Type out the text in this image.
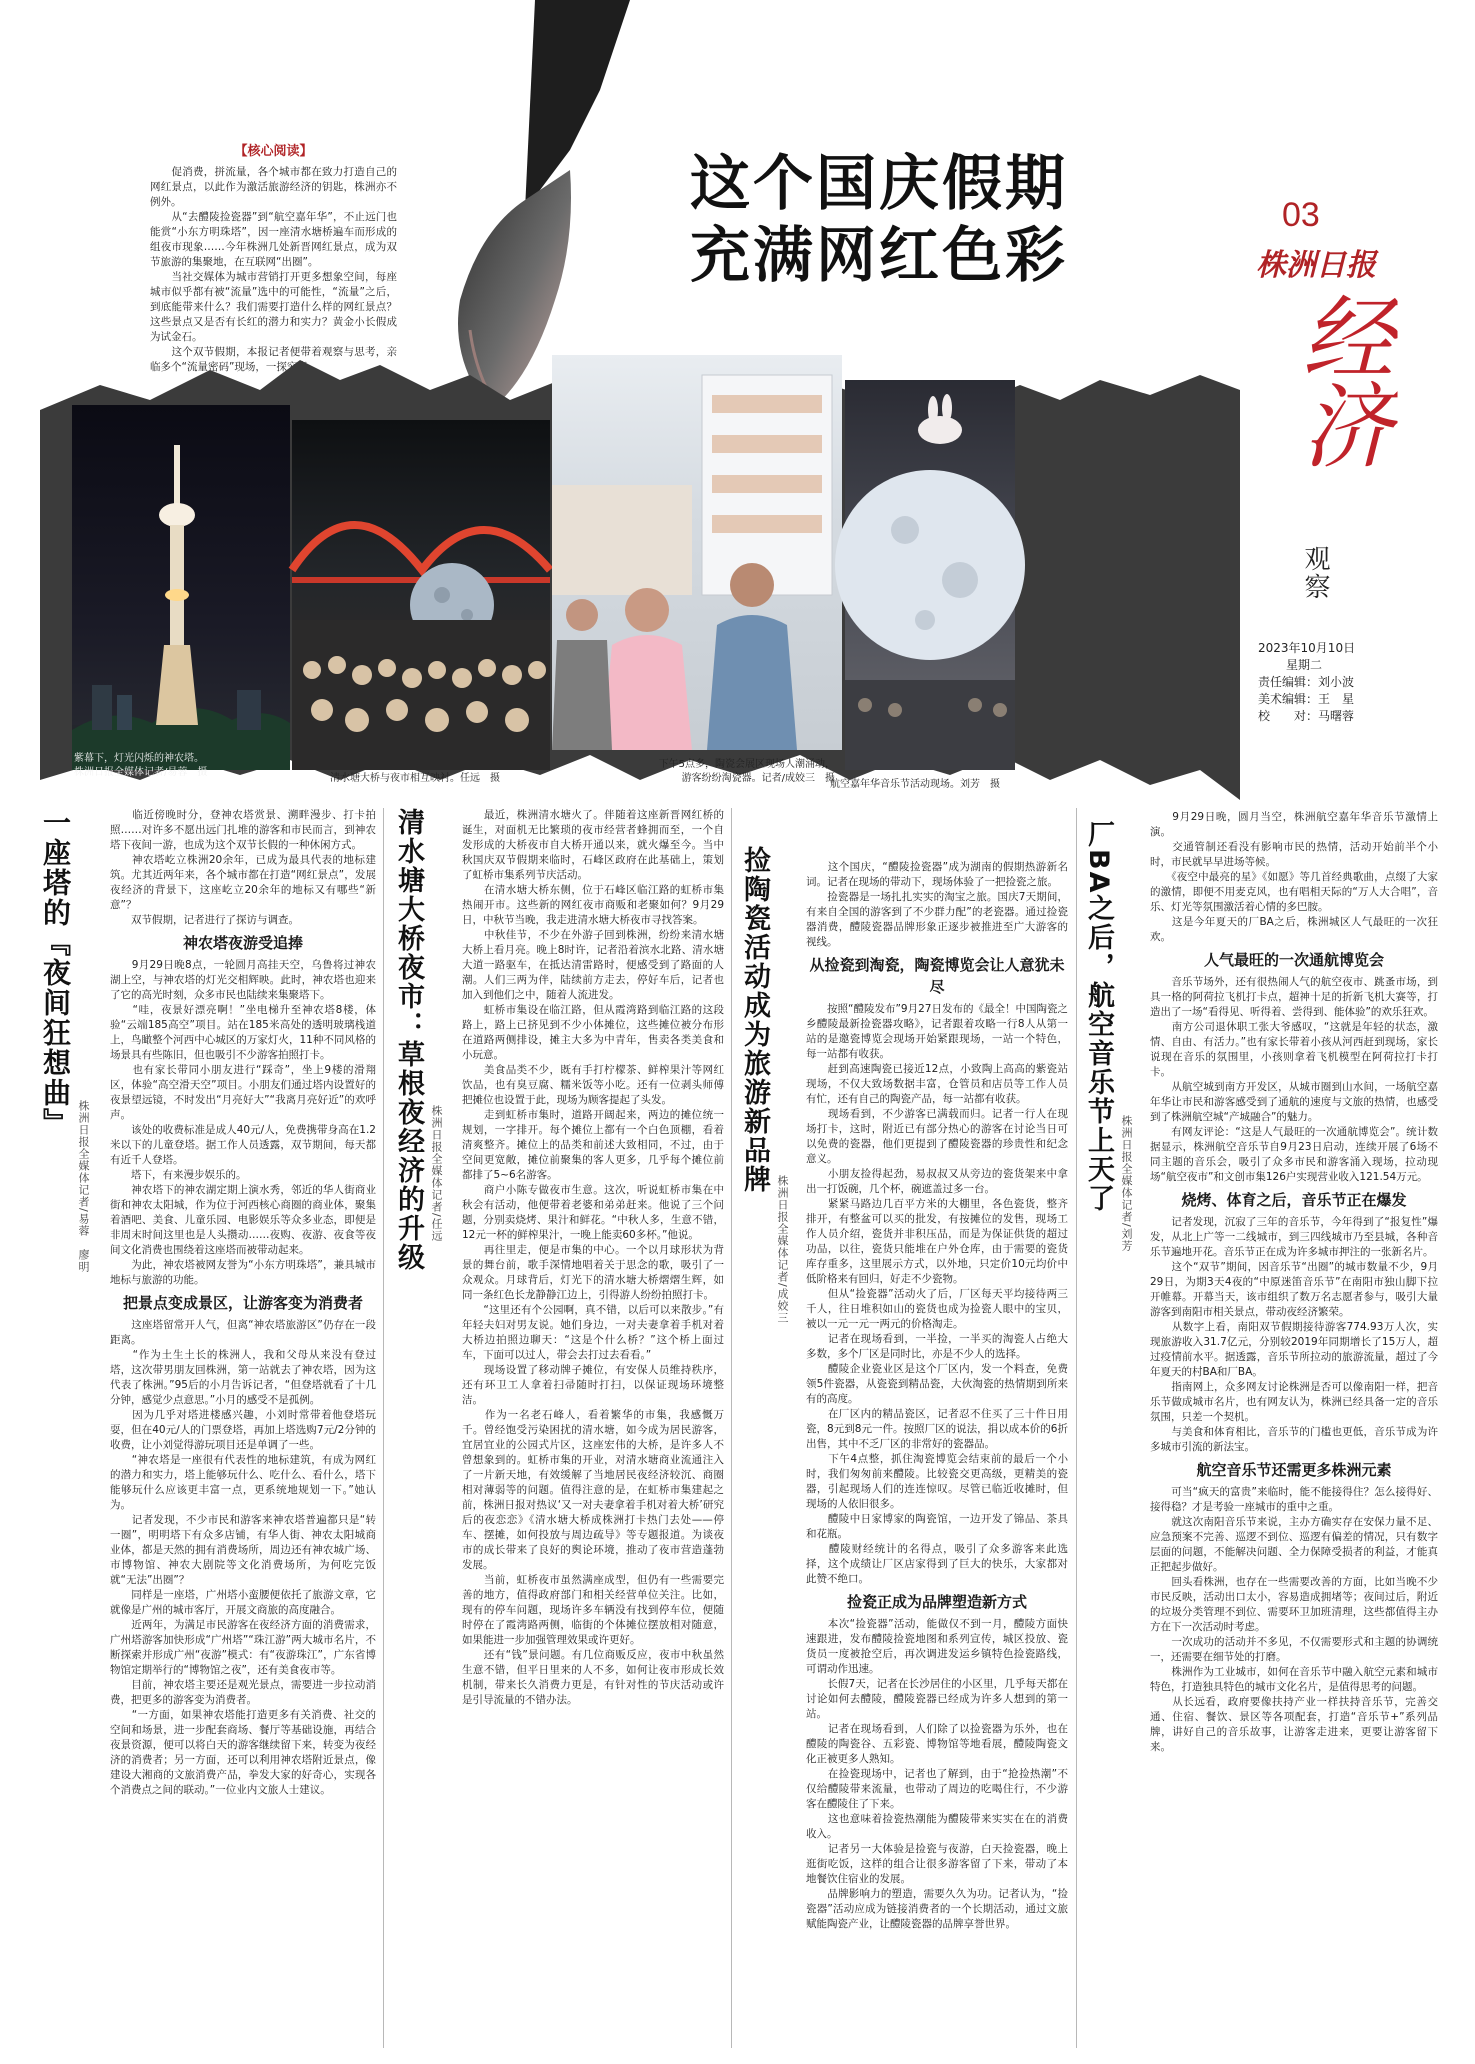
【核心阅读】
　　促消费，拼流量，各个城市都在致力打造自己的网红景点，以此作为激活旅游经济的钥匙，株洲亦不例外。
　　从“去醴陵捡瓷器”到“航空嘉年华”，不止远门也能赏“小东方明珠塔”，因一座清水塘桥遍车而形成的组夜市现象……今年株洲几处新晋网红景点，成为双节旅游的集聚地，在互联网“出圈”。
　　当社交媒体为城市营销打开更多想象空间，每座城市似乎都有被“流量”选中的可能性，“流量”之后，到底能带来什么？我们需要打造什么样的网红景点？这些景点又是否有长红的潜力和实力？黄金小长假成为试金石。
　　这个双节假期，本报记者便带着观察与思考，亲临多个“流量密码”现场，一探究竟。
这个国庆假期
充满网红色彩
03
株洲日报
经济
观察
2023年10月10日
星期二
责任编辑：刘小波
美术编辑：王　星
校　　对：马曙蓉
紫幕下，灯光闪烁的神农塔。
株洲日报全媒体记者/易蓉　摄
清水塘大桥与夜市相互映衬。任远　摄
下午5点多，陶瓷会展区现场人潮涌动，
游客纷纷淘瓷器。记者/成姣三　摄
航空嘉年华音乐节活动现场。刘芳　摄
一座塔的『夜间狂想曲』
株洲日报全媒体记者/易蓉　廖明
　　临近傍晚时分，登神农塔赏景、溯畔漫步、打卡拍照……对许多不愿出远门扎堆的游客和市民而言，到神农塔下夜间一游，也成为这个双节长假的一种休闲方式。
　　神农塔屹立株洲20余年，已成为最具代表的地标建筑。尤其近两年来，各个城市都在打造“网红景点”，发展夜经济的背景下，这座屹立20余年的地标又有哪些“新意”？
　　双节假期，记者进行了探访与调查。
神农塔夜游受追捧
　　9月29日晚8点，一轮圆月高挂天空，乌鲁将过神农湖上空，与神农塔的灯光交相辉映。此时，神农塔也迎来了它的高光时刻，众多市民也陆续来集聚塔下。
　　“哇，夜景好漂亮啊！”坐电梯升至神农塔8楼，体验“云端185高空”项目。站在185米高处的透明玻璃栈道上，鸟瞰整个河西中心城区的万家灯火，11种不同风格的场景具有些陈旧，但也吸引不少游客拍照打卡。
　　也有家长带同小朋友进行“踩奇”，坐上9楼的滑翔区，体验“高空滑天空”项目。小朋友们通过塔内设置好的夜景望远镜，不时发出“月亮好大”“我离月亮好近”的欢呼声。
　　该处的收费标准是成人40元/人，免费携带身高在1.2米以下的儿童登塔。据工作人员透露，双节期间，每天都有近千人登塔。
　　塔下，有来漫步娱乐的。
　　神农塔下的神农湖定期上演水秀，邻近的华人街商业街和神农太阳城，作为位于河西核心商圈的商业体，聚集着酒吧、美食、儿童乐园、电影娱乐等众多业态，即便是非周末时间这里也是人头攒动……夜购、夜游、夜食等夜间文化消费也围绕着这座塔而被带动起来。
　　为此，神农塔被网友誉为“小东方明珠塔”，兼具城市地标与旅游的功能。
把景点变成景区，让游客变为消费者
　　这座塔留常开人气，但离“神农塔旅游区”仍存在一段距离。
　　“作为土生土长的株洲人，我和父母从来没有登过塔，这次带男朋友回株洲，第一站就去了神农塔，因为这代表了株洲。”95后的小月告诉记者，“但登塔就看了十几分钟，感觉少点意思。”小月的感受不是孤例。
　　因为几乎对塔进楼感兴趣，小刘时常带着他登塔玩耍，但在40元/人的门票登塔，再加上塔选购7元/2分钟的收费，让小刘觉得游玩项目还是单调了一些。
　　“神农塔是一座很有代表性的地标建筑，有成为网红的潜力和实力，塔上能够玩什么、吃什么、看什么，塔下能够玩什么应该更丰富一点，更系统地规划一下。”她认为。
　　记者发现，不少市民和游客来神农塔普遍都只是“转一圈”，明明塔下有众多店铺，有华人街、神农太阳城商业体，都是天然的拥有消费场所，周边还有神农城广场、市博物馆、神农大剧院等文化消费场所，为何吃完饭就“无法”出圈”？
　　同样是一座塔，广州塔小蛮腰便依托了旅游文章，它就像是广州的城市客厅，开展文商旅的高度融合。
　　近两年，为满足市民游客在夜经济方面的消费需求，广州塔游客加快形成“广州塔”“珠江游”两大城市名片，不断探索并形成广州“夜游”模式：有“夜游珠江”，广东省博物馆定期举行的“博物馆之夜”，还有美食夜市等。
　　目前，神农塔主要还是观光景点，需要进一步拉动消费，把更多的游客变为消费者。
　　“一方面，如果神农塔能打造更多有关消费、社交的空间和场景，进一步配套商场、餐厅等基础设施，再结合夜景资源，便可以将白天的游客继续留下来，转变为夜经济的消费者；另一方面，还可以利用神农塔附近景点，像建设大湘商的文旅消费产品，拳发大家的好奇心，实现各个消费点之间的联动。”一位业内文旅人士建议。
清水塘大桥夜市：草根夜经济的升级 株洲日报全媒体记者/任远
　　最近，株洲清水塘火了。伴随着这座新晋网红桥的诞生，对面机无比繁琐的夜市经营者蜂拥而至，一个自发形成的大桥夜市自大桥开通以来，就火爆至今。当中秋国庆双节假期来临时，石峰区政府在此基础上，策划了虹桥市集系列节庆活动。
　　在清水塘大桥东侧，位于石峰区临江路的虹桥市集热闹开市。这些新的网红夜市商贩和老聚如何？9月29日，中秋节当晚，我走进清水塘大桥夜市寻找答案。
　　中秋佳节，不少在外游子回到株洲，纷纷来清水塘大桥上看月亮。晚上8时许，记者沿着滨水北路、清水塘大道一路驱车，在抵达清雷路时，便感受到了路面的人潮。人们三两为伴，陆续前方走去，停好车后，记者也加入到他们之中，随着人流进发。
　　虹桥市集设在临江路，但从霞湾路到临江路的这段路上，路上已挤见到不少小体摊位，这些摊位被分布形在道路两侧排设，摊主大多为中青年，售卖各类美食和小玩意。
　　美食品类不少，既有手打柠檬茶、鲜榨果汁等网红饮品，也有臭豆腐、糯米饭等小吃。还有一位剥头师傅把摊位也设置于此，现场为顾客提起了头发。
　　走到虹桥市集时，道路开阔起来，两边的摊位统一规划，一字排开。每个摊位上都有一个白色顶棚，看着清爽整齐。摊位上的品类和前述大致相同，不过，由于空间更宽敞，摊位前聚集的客人更多，几乎每个摊位前都排了5~6名游客。
　　商户小陈专做夜市生意。这次，听说虹桥市集在中秋会有活动，他便带着老婆和弟弟赶来。他说了三个问题，分别卖烧烤、果汁和鲜花。“中秋人多，生意不错，12元一杯的鲜榨果汁，一晚上能卖60多杯。”他说。
　　再往里走，便是市集的中心。一个以月球形状为背景的舞台前，歌手深情地唱着关于思念的歌，吸引了一众观众。月球背后，灯光下的清水塘大桥熠熠生辉，如同一条红色长龙静静江边上，引得游人纷纷拍照打卡。
　　“这里还有个公园啊，真不错，以后可以来散步。”有年轻夫妇对男友说。她们身边，一对夫妻拿着手机对着大桥边拍照边聊天：“这是个什么桥？”这个桥上面过车，下面可以过人，带会去打过去看看。”
　　现场设置了移动牌子摊位，有安保人员维持秩序，还有环卫工人拿着扫帚随时打扫，以保证现场环境整洁。
　　作为一名老石峰人，看着繁华的市集，我感慨万千。曾经饱受污染困扰的清水塘，如今成为居民游客，宜居宜业的公园式片区，这座宏伟的大桥，是许多人不曾想象到的。虹桥市集的开业，对清水塘商业流通注入了一片新天地，有效缓解了当地居民夜经济较沉、商圈相对薄弱等的问题。值得注意的是，在虹桥市集建起之前，株洲日报对热议‘又一对夫妻拿着手机对着大桥’研究后的夜恋恋》《清水塘大桥成株洲打卡热门去处——停车、摆摊，如何投放与周边疏导》等专题报道。为谈夜市的成长带来了良好的舆论环境，推动了夜市营造蓬勃发展。
　　当前，虹桥夜市虽然满座成型，但仍有一些需要完善的地方，值得政府部门和相关经营单位关注。比如，现有的停车问题，现场许多车辆没有找到停车位，便随时停在了霞湾路两侧，临街的个体摊位摆放相对随意，如果能进一步加强管理效果或许更好。
　　还有“钱”景问题。有几位商贩反应，夜市中秋虽然生意不错，但平日里来的人不多，如何让夜市形成长效机制，带来长久消费力更是，有针对性的节庆活动或许是引导流量的不错办法。
捡陶瓷活动成为旅游新品牌
株洲日报全媒体记者/成姣三
　　这个国庆，“醴陵捡瓷器”成为湖南的假期热游新名词。记者在现场的带动下，现场体验了一把捡瓷之旅。
　　捡瓷器是一场扎扎实实的淘宝之旅。国庆7天期间，有来自全国的游客到了不少群力配”的老瓷器。通过捡瓷器消费，醴陵瓷器品牌形象正逐步被推进至广大游客的视线。
从捡瓷到淘瓷，陶瓷博览会让人意犹未尽
　　按照“醴陵发布”9月27日发布的《最全！中国陶瓷之乡醴陵最新捡瓷器攻略》，记者跟着攻略一行8人从第一站的是邀瓷博览会现场开始紧跟现场，一站一个特色，每一站都有收获。
　　赶到高速陶瓷已接近12点，小致陶上高高的紫瓷站现场，不仅大致场数据丰富，仓管员和店员等工作人员有忙，还有自己的陶瓷产品，每一站都有收获。
　　现场看到，不少游客已满载而归。记者一行人在现场打卡，这时，附近已有部分热心的游客在讨论当日可以免费的瓷器，他们更提到了醴陵瓷器的珍贵性和纪念意义。
　　小朋友捡得起劲，易叔叔又从旁边的瓷货架来中拿出一打饭碗，几个杯，碗遮盖过多一台。
　　紧紧马路边几百平方米的大棚里，各色瓷货，整齐排开，有整盆可以买的批发，有按摊位的发售，现场工作人员介绍，瓷货并非积压品，而是为保证供货的超过功品，以往，瓷货只能堆在户外仓库，由于需要的瓷货库存重多，这里展示方式，以外地，只定价10元均价中低阶格来有回归，好走不少瓷物。
　　但从“捡瓷器”活动火了后，厂区每天平均接待两三千人，往日堆积如山的瓷货也成为捡瓷人眼中的宝贝，被以一元一元一两元的价格淘走。
　　记者在现场看到，一半捡，一半买的淘瓷人占绝大多数，多个厂区是同时比，亦是不少人的选择。
　　醴陵企业瓷业区是这个厂区内，发一个料查，免费领5件瓷器，从瓷瓷到精品瓷，大伙淘瓷的热情期到所来有的高度。
　　在厂区内的精品瓷区，记者忍不住买了三十件日用瓷，8元到8元一件。按照厂区的说法，捐以成本价的6折出售，其中不乏厂区的非常好的瓷器品。
　　下午4点整，抓住淘瓷博览会结束前的最后一个小时，我们匆匆前来醴陵。比较瓷交更高级，更精美的瓷器，引起现场人们的连连惊叹。尽管已临近收摊时，但现场的人依旧很多。
　　醴陵中日家博家的陶瓷馆，一边开发了锦品、茶具和花瓶。
　　醴陵财经统计的名得点，吸引了众多游客来此选择，这个成绩让厂区店家得到了巨大的快乐，大家都对此赞不绝口。
捡瓷正成为品牌塑造新方式
　　本次“捡瓷器”活动，能做仅不到一月，醴陵方面快速跟进，发布醴陵捡瓷地图和系列宣传，城区投放、瓷货员一度被抢空后，再次调进发运乡镇特色捡瓷路线，可谓动作迅速。
　　长假7天，记者在长沙居住的小区里，几乎每天都在讨论如何去醴陵，醴陵瓷器已经成为许多人想到的第一站。
　　记者在现场看到，人们除了以捡瓷器为乐外，也在醴陵的陶瓷谷、五彩瓷、博物馆等地看展，醴陵陶瓷文化正被更多人熟知。
　　在捡瓷现场中，记者也了解到，由于“抢捡热潮”不仅给醴陵带来流量，也带动了周边的吃喝住行，不少游客在醴陵住了下来。
　　这也意味着捡瓷热潮能为醴陵带来实实在在的消费收入。
　　记者另一大体验是捡瓷与夜游，白天捡瓷器，晚上逛街吃饭，这样的组合让很多游客留了下来，带动了本地餐饮住宿业的发展。
　　品牌影响力的塑造，需要久久为功。记者认为，“捡瓷器”活动应成为链接消费者的一个长期活动，通过文旅赋能陶瓷产业，让醴陵瓷器的品牌享誉世界。
厂BA之后，航空音乐节上天了 株洲日报全媒体记者/刘芳
　　9月29日晚，圆月当空，株洲航空嘉年华音乐节激情上演。
　　交通管制还看没有影响市民的热情，活动开始前半个小时，市民就早早进场等候。
　　《夜空中最亮的星》《如愿》等几首经典歌曲，点缀了大家的激情，即便不用麦克风，也有唱相天际的“万人大合唱”，音乐、灯光等氛围激活着心情的多巴胺。
　　这是今年夏天的厂BA之后，株洲城区人气最旺的一次狂欢。
人气最旺的一次通航博览会
　　音乐节场外，还有很热闹人气的航空夜市、跳蚤市场，到具一格的阿荷拉飞机打卡点，超神十足的折新飞机大赛等，打造出了一场“看得见、听得着、尝得到、能体验”的欢乐狂欢。
　　南方公司退休职工张大爷感叹，“这就是年轻的状态，激情、自由、有活力。”也有家长带着小孩从河西赶到现场，家长说现在音乐的氛围里，小孩则拿着飞机模型在阿荷拉打卡打卡。
　　从航空城到南方开发区，从城市圈到山水间，一场航空嘉年华让市民和游客感受到了通航的速度与文旅的热情，也感受到了株洲航空城“产城融合”的魅力。
　　有网友评论：“这是人气最旺的一次通航博览会”。统计数据显示，株洲航空音乐节自9月23日启动，连续开展了6场不同主题的音乐会，吸引了众多市民和游客涌入现场，拉动现场“航空夜市”和文创市集126户实现营业收入121.54万元。
烧烤、体育之后，音乐节正在爆发
　　记者发现，沉寂了三年的音乐节，今年得到了“报复性”爆发，从北上广等一二线城市，到三四线城市乃至县城，各种音乐节遍地开花。音乐节正在成为许多城市押注的一张新名片。
　　这个“双节”期间，因音乐节“出圈”的城市数量不少，9月29日，为期3天4夜的“中原迷笛音乐节”在南阳市独山脚下拉开帷幕。开幕当天，该市组织了数万名志愿者参与，吸引大量游客到南阳市相关景点，带动夜经济繁荣。
　　从数字上看，南阳双节假期接待游客774.93万人次，实现旅游收入31.7亿元，分别较2019年同期增长了15万人，超过疫情前水平。据透露，音乐节所拉动的旅游流量，超过了今年夏天的村BA和厂BA。
　　指南网上，众多网友讨论株洲是否可以像南阳一样，把音乐节做成城市名片，也有网友认为，株洲已经具备一定的音乐氛围，只差一个契机。
　　与美食和体育相比，音乐节的门槛也更低，音乐节成为许多城市引流的新法宝。
航空音乐节还需更多株洲元素
　　可当“疯天的富贵”来临时，能不能接得住？怎么接得好、接得稳？才是考验一座城市的重中之重。
　　就这次南阳音乐节来说，主办方确实存在安保力量不足、应急预案不完善、巡逻不到位、巡逻有偏差的情况，只有数字层面的问题，不能解决问题、全力保障受损者的利益，才能真正把起步做好。
　　回头看株洲，也存在一些需要改善的方面，比如当晚不少市民反映，活动出口太小，容易造成拥堵等；夜间过后，附近的垃圾分类管理不到位、需要环卫加班清理，这些都值得主办方在下一次活动时考虑。
　　一次成功的活动并不多见，不仅需要形式和主题的协调统一，还需要在细节处的打磨。
　　株洲作为工业城市，如何在音乐节中融入航空元素和城市特色，打造独具特色的城市文化名片，是值得思考的问题。
　　从长远看，政府要像扶持产业一样扶持音乐节，完善交通、住宿、餐饮、景区等各项配套，打造“音乐节+”系列品牌，讲好自己的音乐故事，让游客走进来，更要让游客留下来。
